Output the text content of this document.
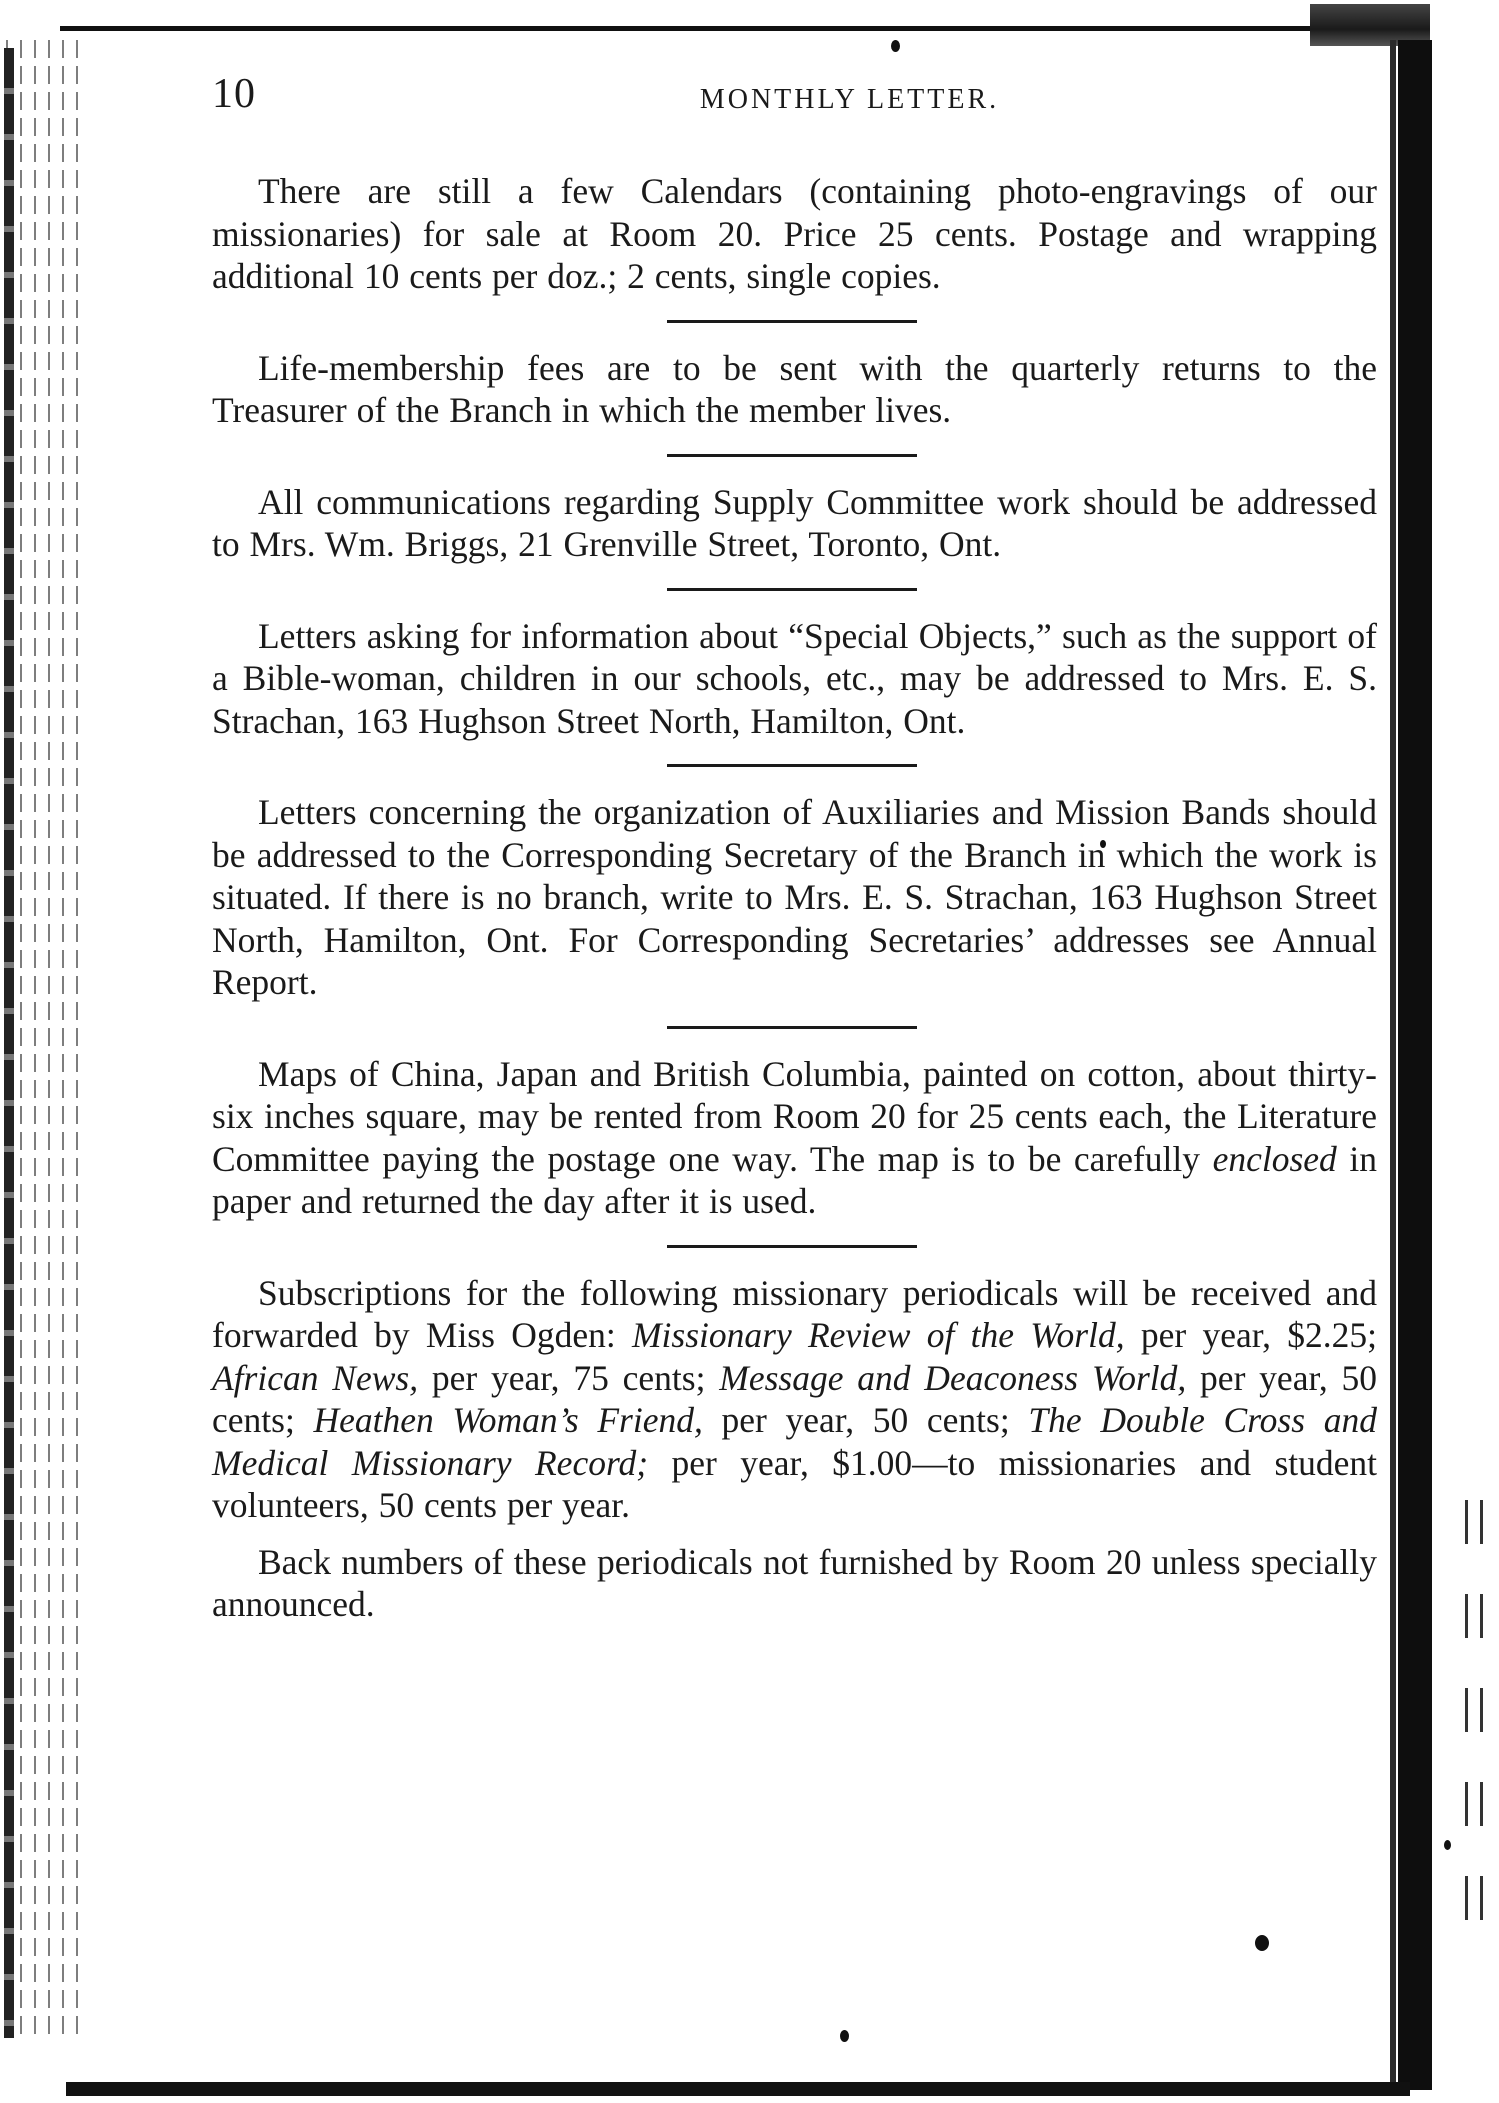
10	MONTHLY LETTER.

There are still a few Calendars (containing photo-engravings of our missionaries) for sale at Room 20. Price 25 cents. Postage and wrapping additional 10 cents per doz.; 2 cents, single copies.

Life-membership fees are to be sent with the quarterly returns to the Treasurer of the Branch in which the member lives.

All communications regarding Supply Committee work should be addressed to Mrs. Wm. Briggs, 21 Grenville Street, Toronto, Ont.

Letters asking for information about “Special Objects,” such as the support of a Bible-woman, children in our schools, etc., may be addressed to Mrs. E. S. Strachan, 163 Hughson Street North, Hamilton, Ont.

Letters concerning the organization of Auxiliaries and Mission Bands should be addressed to the Corresponding Secretary of the Branch in which the work is situated. If there is no branch, write to Mrs. E. S. Strachan, 163 Hughson Street North, Hamilton, Ont. For Corresponding Secretaries’ addresses see Annual Report.

Maps of China, Japan and British Columbia, painted on cotton, about thirty-six inches square, may be rented from Room 20 for 25 cents each, the Literature Committee paying the postage one way. The map is to be carefully enclosed in paper and returned the day after it is used.

Subscriptions for the following missionary periodicals will be received and forwarded by Miss Ogden: Missionary Review of the World, per year, $2.25; African News, per year, 75 cents; Message and Deaconess World, per year, 50 cents; Heathen Woman’s Friend, per year, 50 cents; The Double Cross and Medical Missionary Record; per year, $1.00—to missionaries and student volunteers, 50 cents per year.

Back numbers of these periodicals not furnished by Room 20 unless specially announced.
